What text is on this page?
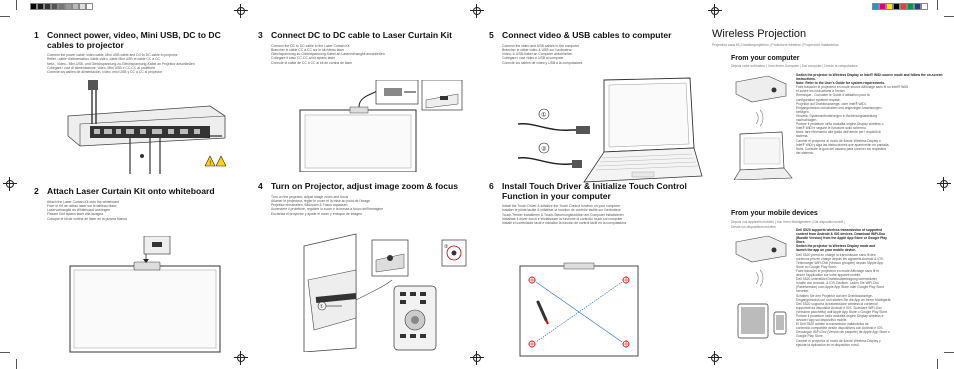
1 Connect power, video, Mini USB, DC to DC cables to projector
Connect the power cable, video cable, Mini USB cable and DC to DC cable to projector
Relier : câble d'alimentation, câble vidéo, câble Mini USB et câble CC à CC
Netz-, Video-, Mini-USB- und Gleichspannung-zu-Gleichspannung-Kabel an Projektor anschließen
Collegare i cavi di alimentazione, video, Mini USB e CC-CC al proiettore
Conecte los cables de alimentación, vídeo, mini USB y CC a CC al proyector
!
2 Attach Laser Curtain Kit onto whiteboard
Attach the Laser Curtain Kit onto the whiteboard
Fixer le Kit de rideau laser sur le tableau blanc
Laservorhangkit an Whiteboard anbringen
Fissare il kit sipario laser alla lavagna
Coloque el kit de cortina de láser en la pizarra blanca
3 Connect DC to DC cable to Laser Curtain Kit
Connect the DC to DC cable to the Laser Curtain Kit
Brancher le câble CC à CC sur le kit rideau laser
Gleichspannung-zu-Gleichspannung-Kabel an Laservorhangkit anschließen
Collegare il cavo CC-CC al kit sipario laser
Conecte el cable de CC a CC al kit de cortina de láser
4 Turn on Projector, adjust image zoom & focus
Turn on the projector, adjust image zoom and focus
Allumer le projecteur, régler le zoom et la mise au point de l'image
Projektor einschalten, Bildzoom & Fokus anpassen
Accendere il proiettore, regolare lo zoom e la messa a fuoco dell'immagine
Encienda el proyector y ajuste el zoom y enfoque de imagen
①
②
5 Connect video & USB cables to computer
Connect the video and USB cables to the computer
Brancher le câble vidéo & USB sur l'ordinateur
Video- & USB-Kabel an Computer anschließen
Collegare i cavi video e USB al computer
Conecte los cables de vídeo y USB a la computadora
①
②
6 Install Touch Driver & Initialize Touch Control Function in your computer
Install the Touch Driver & initialize the Touch Control function on your computer
Installer le pilote tactile & initialiser la fonction de contrôle tactile sur l'ordinateur
Touch-Treiber installieren & Touch-Steuerungsfunktion am Computer initialisieren
Installare il driver touch e inizializzare la funzione di controllo touch sul computer
Instale el controlador táctil e inicialice la función de control táctil en la computadora
Wireless Projection
Projection sans fil | Drahtlosprojektion | Proiezione wireless | Proyección inalámbrica
From your computer
Depuis votre ordinateur | Vom Ihrem Computer | Dal computer | Desde la computadora
Switch the projector to Wireless Display or Intel® WiDi source mode and follow the on-screen instructions.
Note: Refer to the User's Guide for system requirements.
Faire basculer le projecteur en mode source Affichage sans fil ou Intel® WiDi
et suivre les instructions à l'écran.
Remarque : Consulter le Guide d'utilisation pour la
configuration système requise.
Projektor auf Drahtlosanzeige- oder Intel® WiDi-
Eingangsmodus umschalten und angezeigte Anweisungen
befolgen.
Hinweis: Systemanforderungen in Bedienungsanleitung
nachschlagen.
Portare il proiettore nella modalità origine Display wireless o
Intel® WiDi e seguire le istruzioni sullo schermo.
Nota: fare riferimento alla guida dell'utente per i requisiti di
sistema.
Cambie el proyector al modo de fuente Wireless Display o
Intel® WiDi y siga las instrucciones que aparecerán en pantalla.
Nota: Consulte la guía del usuario para conocer los requisitos
del sistema.
From your mobile devices
Depuis vos appareils mobiles | Von Ihren Mobilgeräten | Dai dispositivi mobili |
Desde los dispositivos móviles
Dell S520 supports wireless transmission of supported
content from Android & iOS devices. Download WiFi-Doc
(Bundle Version) from the Apple App Store or Google Play
Store.
Switch the projector to Wireless Display mode and
launch the app on your mobile device.
Dell S520 prend en charge la transmission sans fil des
contenus pris en charge depuis les appareils Android & iOS.
Télécharger WiFi-Doc (Version groupée) depuis l'Apple App
Store ou Google Play Store.
Faire basculer le projecteur en mode Affichage sans fil et
lancer l'application sur votre appareil mobile.
Dell S520 unterstützt Drahtlosübertragung unterstützter
Inhalte von Android- & iOS-Geräten. Laden Sie WiFi-Doc
(Paketversion) vom Apple App Store oder Google Play Store
herunter.
Schalten Sie den Projektor auf den Drahtlosanzeige-
Eingangsmodus um und starten Sie die App an Ihrem Mobilgerät.
Dell S520 supporta la trasmissione wireless di contenuti
supportati da dispositivi Android e iOS. Scaricare WiFi-Doc
(Versione pacchetto) dall'Apple App Store o Google Play Store.
Portare il proiettore nella modalità origine Display wireless e
avviare l'app sul dispositivo mobile.
El Dell S520 admite la transmisión inalámbrica de
contenido compatible desde dispositivos con Android e iOS.
Descargue WiFi-Doc (Versión de paquete) de Apple App Store o
Google Play Store.
Cambie el proyector al modo de fuente Wireless Display y
ejecute la aplicación en el dispositivo móvil.
